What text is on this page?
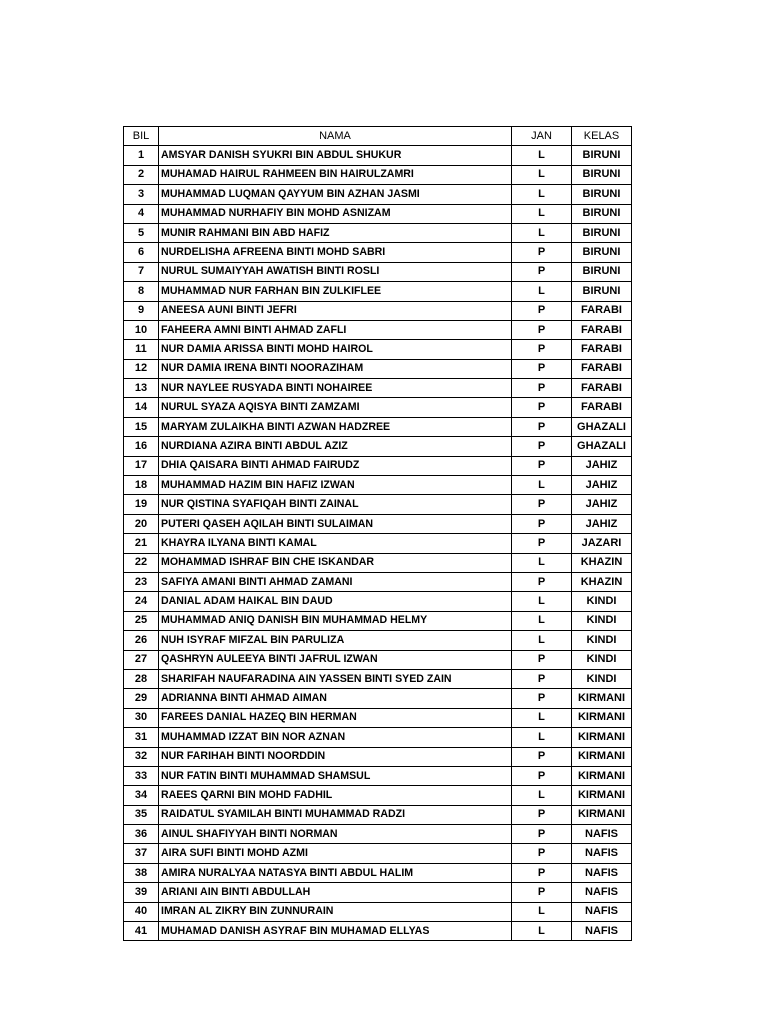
BIL	NAMA	JAN	KELAS
1	AMSYAR DANISH SYUKRI BIN ABDUL SHUKUR	L	BIRUNI
2	MUHAMAD HAIRUL RAHMEEN BIN HAIRULZAMRI	L	BIRUNI
3	MUHAMMAD LUQMAN QAYYUM BIN AZHAN JASMI	L	BIRUNI
4	MUHAMMAD NURHAFIY BIN MOHD ASNIZAM	L	BIRUNI
5	MUNIR RAHMANI BIN ABD HAFIZ	L	BIRUNI
6	NURDELISHA AFREENA BINTI MOHD SABRI	P	BIRUNI
7	NURUL SUMAIYYAH AWATISH BINTI ROSLI	P	BIRUNI
8	MUHAMMAD NUR FARHAN BIN ZULKIFLEE	L	BIRUNI
9	ANEESA AUNI BINTI JEFRI	P	FARABI
10	FAHEERA AMNI BINTI AHMAD ZAFLI	P	FARABI
11	NUR DAMIA ARISSA BINTI MOHD HAIROL	P	FARABI
12	NUR DAMIA IRENA BINTI NOORAZIHAM	P	FARABI
13	NUR NAYLEE RUSYADA BINTI NOHAIREE	P	FARABI
14	NURUL SYAZA AQISYA BINTI ZAMZAMI	P	FARABI
15	MARYAM ZULAIKHA BINTI AZWAN HADZREE	P	GHAZALI
16	NURDIANA AZIRA BINTI ABDUL AZIZ	P	GHAZALI
17	DHIA QAISARA BINTI AHMAD FAIRUDZ	P	JAHIZ
18	MUHAMMAD HAZIM BIN HAFIZ IZWAN	L	JAHIZ
19	NUR QISTINA SYAFIQAH BINTI ZAINAL	P	JAHIZ
20	PUTERI QASEH AQILAH BINTI SULAIMAN	P	JAHIZ
21	KHAYRA ILYANA BINTI KAMAL	P	JAZARI
22	MOHAMMAD ISHRAF BIN CHE ISKANDAR	L	KHAZIN
23	SAFIYA AMANI BINTI AHMAD ZAMANI	P	KHAZIN
24	DANIAL ADAM HAIKAL BIN DAUD	L	KINDI
25	MUHAMMAD ANIQ DANISH BIN MUHAMMAD HELMY	L	KINDI
26	NUH ISYRAF MIFZAL BIN PARULIZA	L	KINDI
27	QASHRYN AULEEYA BINTI JAFRUL IZWAN	P	KINDI
28	SHARIFAH NAUFARADINA AIN YASSEN BINTI SYED ZAIN	P	KINDI
29	ADRIANNA BINTI AHMAD AIMAN	P	KIRMANI
30	FAREES DANIAL HAZEQ BIN HERMAN	L	KIRMANI
31	MUHAMMAD IZZAT BIN NOR AZNAN	L	KIRMANI
32	NUR FARIHAH BINTI NOORDDIN	P	KIRMANI
33	NUR FATIN BINTI MUHAMMAD SHAMSUL	P	KIRMANI
34	RAEES QARNI BIN MOHD FADHIL	L	KIRMANI
35	RAIDATUL SYAMILAH BINTI MUHAMMAD RADZI	P	KIRMANI
36	AINUL SHAFIYYAH BINTI NORMAN	P	NAFIS
37	AIRA SUFI BINTI MOHD AZMI	P	NAFIS
38	AMIRA NURALYAA NATASYA BINTI ABDUL HALIM	P	NAFIS
39	ARIANI AIN BINTI ABDULLAH	P	NAFIS
40	IMRAN AL ZIKRY BIN ZUNNURAIN	L	NAFIS
41	MUHAMAD DANISH ASYRAF BIN MUHAMAD ELLYAS	L	NAFIS
